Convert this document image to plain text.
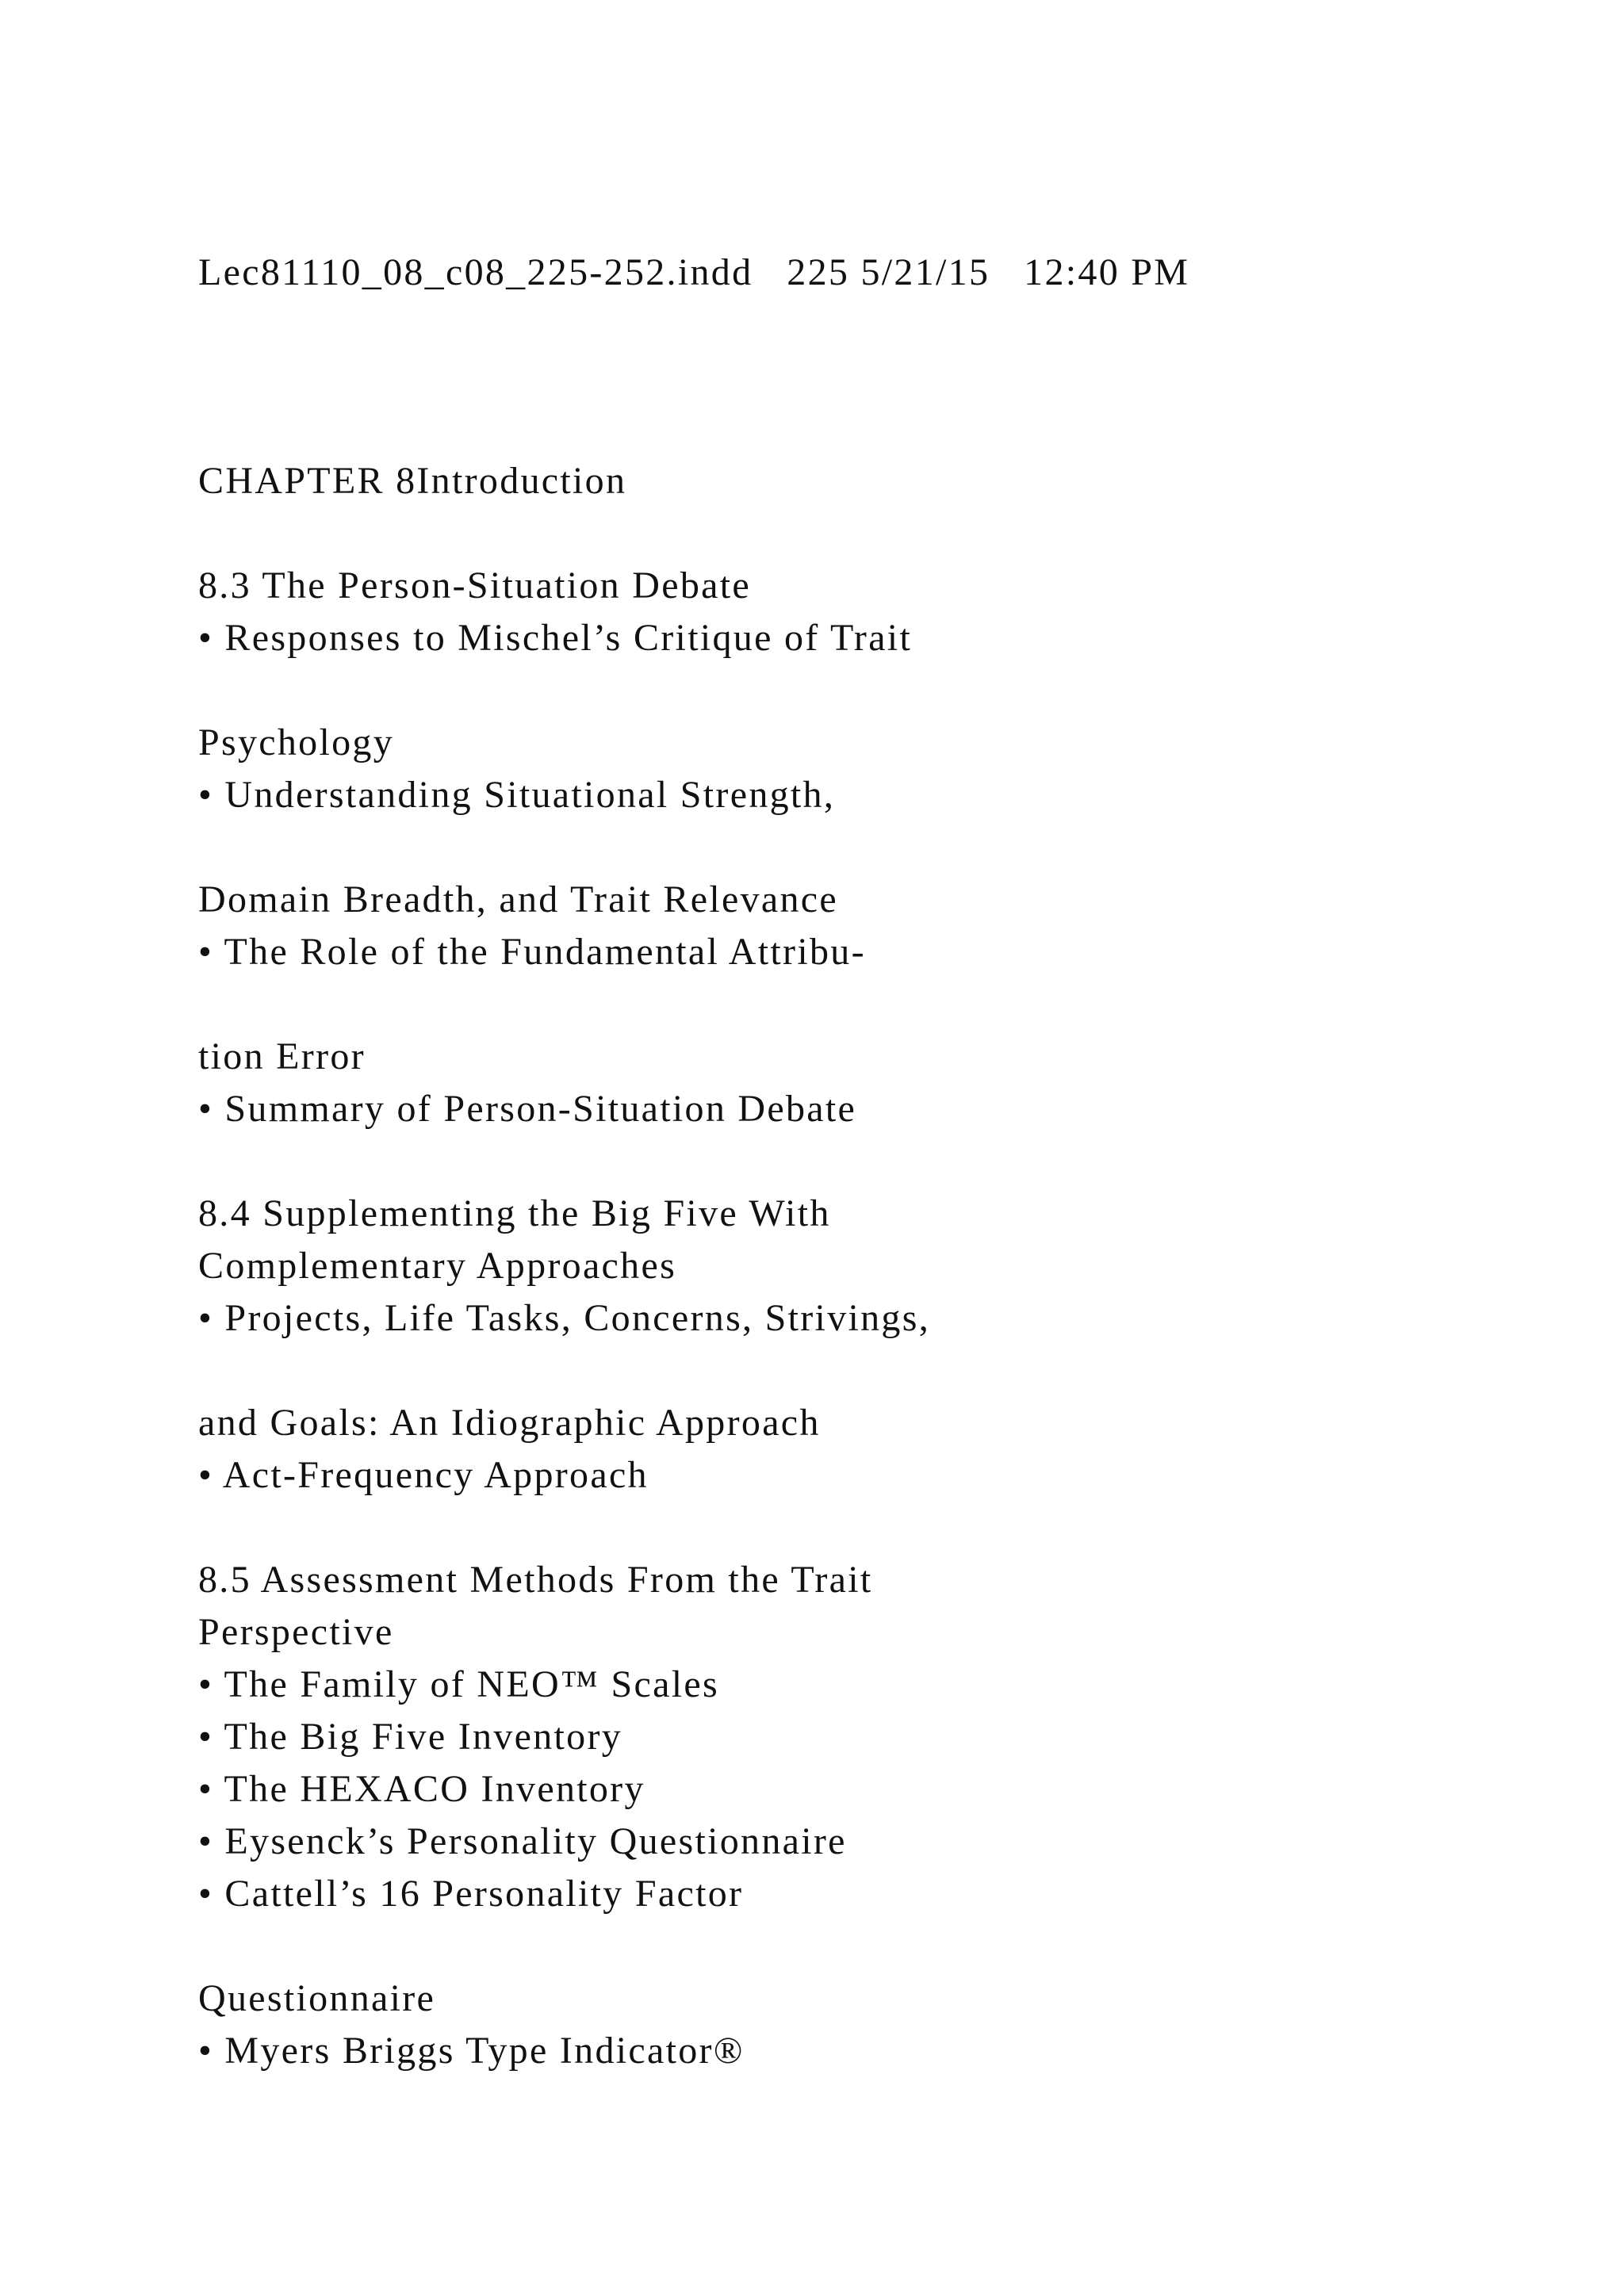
Lec81110_08_c08_225-252.indd   225 5/21/15   12:40 PM

CHAPTER 8Introduction

8.3 The Person-Situation Debate

• Responses to Mischel’s Critique of Trait

Psychology

• Understanding Situational Strength,

Domain Breadth, and Trait Relevance

• The Role of the Fundamental Attribu-

tion Error

• Summary of Person-Situation Debate

8.4 Supplementing the Big Five With

Complementary Approaches

• Projects, Life Tasks, Concerns, Strivings,

and Goals: An Idiographic Approach

• Act-Frequency Approach

8.5 Assessment Methods From the Trait

Perspective

• The Family of NEO™ Scales

• The Big Five Inventory

• The HEXACO Inventory

• Eysenck’s Personality Questionnaire

• Cattell’s 16 Personality Factor

Questionnaire

• Myers Briggs Type Indicator®
